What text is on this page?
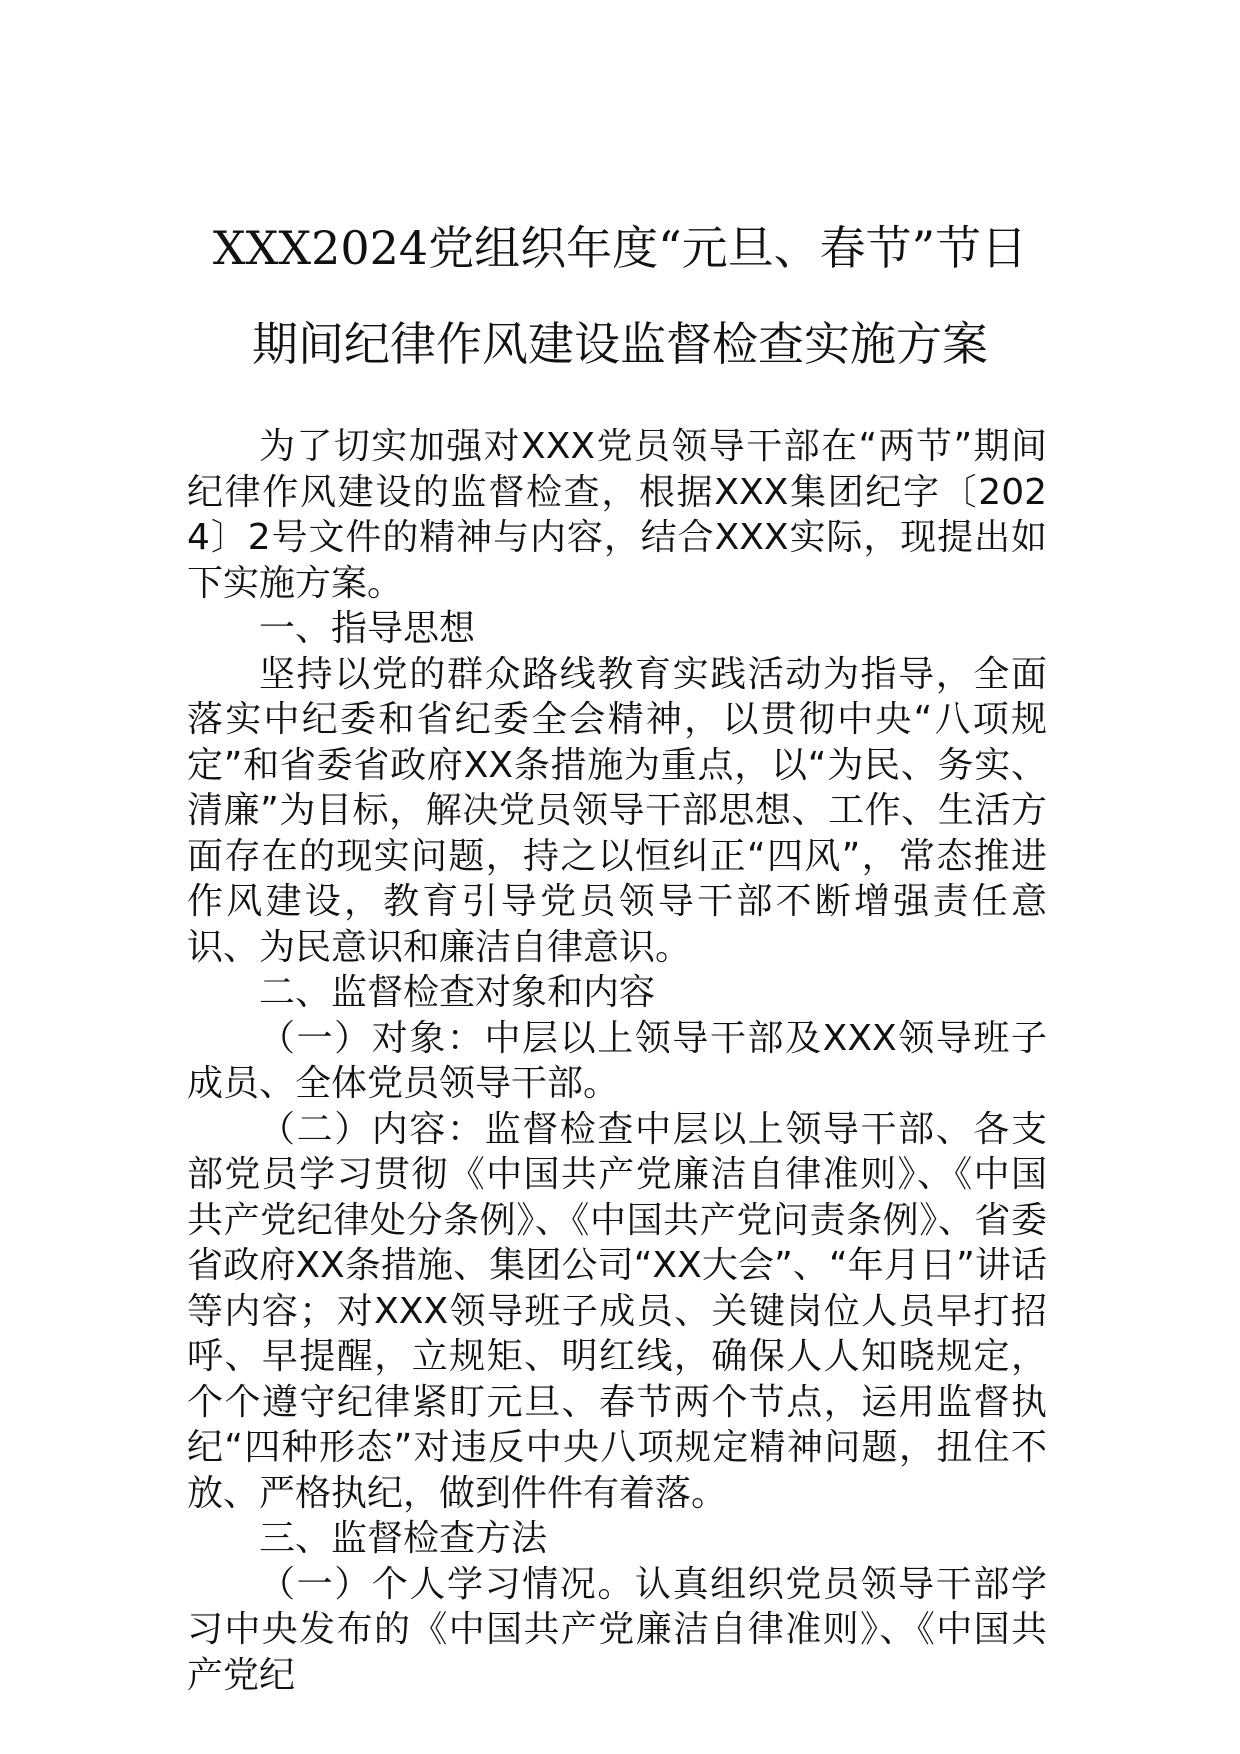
XXX2024党组织年度“元旦、春节”节日
期间纪律作风建设监督检查实施方案

为了切实加强对XXX党员领导干部在“两节”期间纪律作风建设的监督检查，根据XXX集团纪字〔2024〕2号文件的精神与内容，结合XXX实际，现提出如下实施方案。

一、指导思想

坚持以党的群众路线教育实践活动为指导，全面落实中纪委和省纪委全会精神，以贯彻中央“八项规定”和省委省政府XX条措施为重点，以“为民、务实、清廉”为目标，解决党员领导干部思想、工作、生活方面存在的现实问题，持之以恒纠正“四风”，常态推进作风建设，教育引导党员领导干部不断增强责任意识、为民意识和廉洁自律意识。

二、监督检查对象和内容

（一）对象：中层以上领导干部及XXX领导班子成员、全体党员领导干部。

（二）内容：监督检查中层以上领导干部、各支部党员学习贯彻《中国共产党廉洁自律准则》、《中国共产党纪律处分条例》、《中国共产党问责条例》、省委省政府XX条措施、集团公司“XX大会”、“年月日”讲话等内容；对XXX领导班子成员、关键岗位人员早打招呼、早提醒，立规矩、明红线，确保人人知晓规定，个个遵守纪律紧盯元旦、春节两个节点，运用监督执纪“四种形态”对违反中央八项规定精神问题，扭住不放、严格执纪，做到件件有着落。

三、监督检查方法

（一）个人学习情况。认真组织党员领导干部学习中央发布的《中国共产党廉洁自律准则》、《中国共产党纪
